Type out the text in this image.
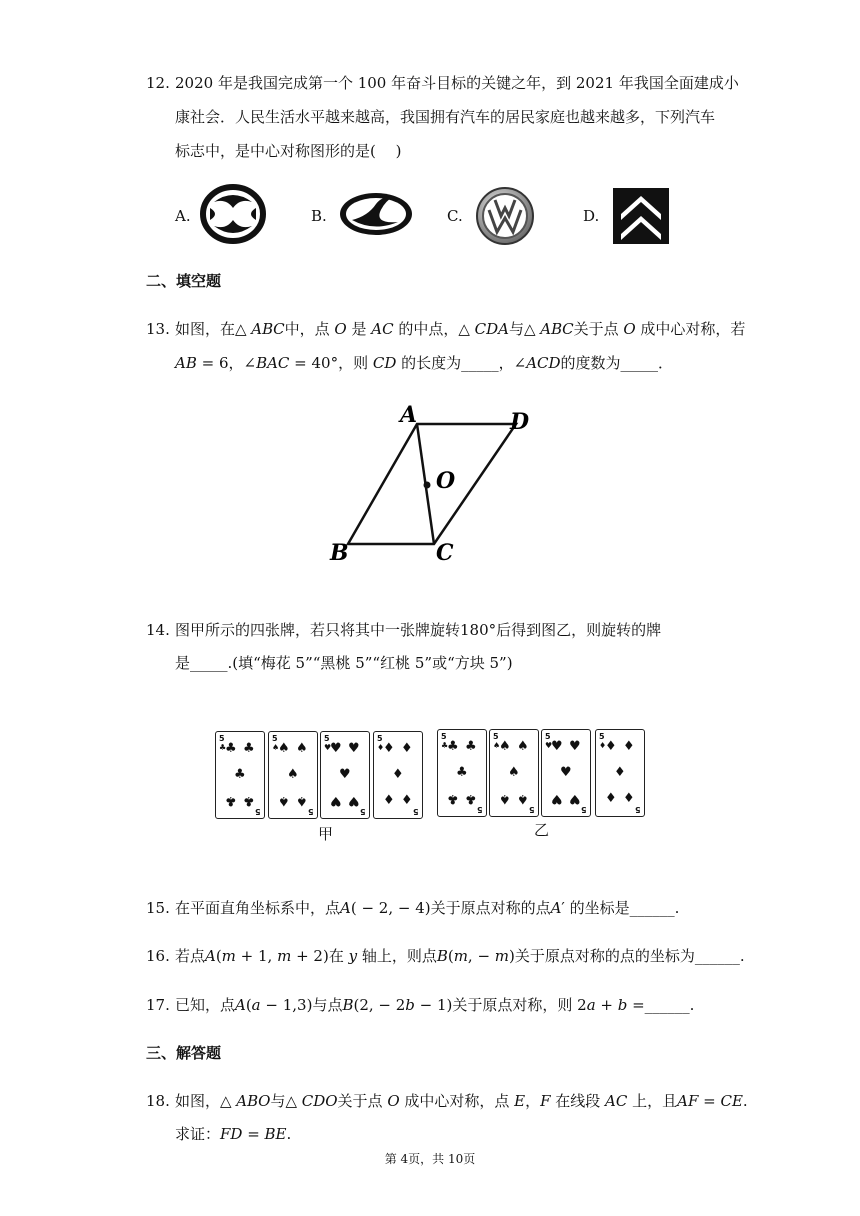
12. 2020 年是我国完成第一个 100 年奋斗目标的关键之年，到 2021 年我国全面建成小
康社会．人民生活水平越来越高，我国拥有汽车的居民家庭也越来越多，下列汽车
标志中，是中心对称图形的是(　 )
A.	B.	C.	D.
二、填空题
13. 如图，在△ 𝐴𝐵𝐶中，点 𝑂 是 𝐴𝐶 的中点，△ 𝐶𝐷𝐴与△ 𝐴𝐵𝐶关于点 𝑂 成中心对称，若
𝐴𝐵 = 6，∠𝐵𝐴𝐶 = 40°，则 𝐶𝐷 的长度为_____，∠𝐴𝐶𝐷的度数为_____．
A	D
O
B	C
14. 图甲所示的四张牌，若只将其中一张牌旋转180°后得到图乙，则旋转的牌
是_____.(填“梅花 5”“黑桃 5”“红桃 5”或“方块 5”)
5
♣
♣ ♣
♣
♣ ♣
5
5
♠
♠ ♠
♠
♠ ♠
5
5
♥
♥ ♥
♥
♥ ♥
5
5
♦
♦ ♦
♦
♦ ♦
5
5
♣
♣ ♣
♣
♣ ♣
5
5
♠
♠ ♠
♠
♠ ♠
5
5
♥
♥ ♥
♥
♥ ♥
5
5
♦
♦ ♦
♦
♦ ♦
5
甲	乙
15. 在平面直角坐标系中，点𝐴( − 2, − 4)关于原点对称的点𝐴′ 的坐标是______.
16. 若点𝐴(𝑚 + 1, 𝑚 + 2)在 𝑦 轴上，则点𝐵(𝑚, − 𝑚)关于原点对称的点的坐标为______.
17. 已知，点𝐴(𝑎 − 1,3)与点𝐵(2, − 2𝑏 − 1)关于原点对称，则 2𝑎 + 𝑏 =______.
三、解答题
18. 如图，△ 𝐴𝐵𝑂与△ 𝐶𝐷𝑂关于点 𝑂 成中心对称，点 𝐸，𝐹 在线段 𝐴𝐶 上，且𝐴𝐹 = 𝐶𝐸.
求证：𝐹𝐷 = 𝐵𝐸.
第 4页，共 10页
